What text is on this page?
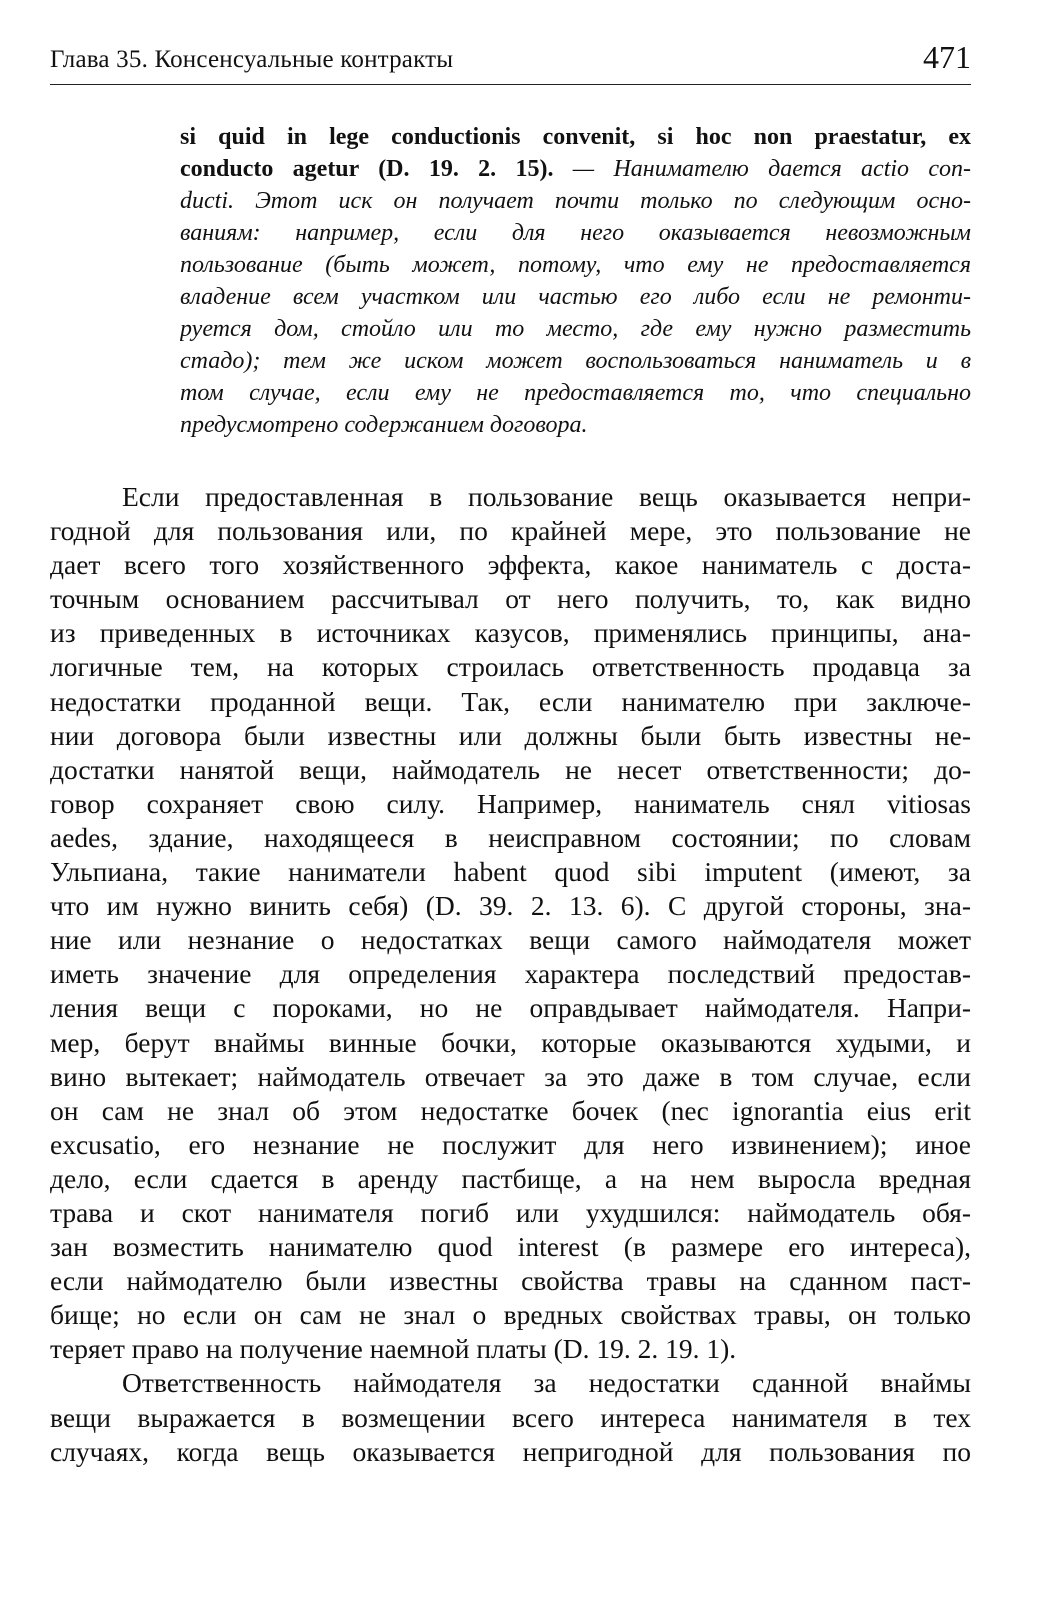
Глава 35. Консенсуальные контракты	471
si quid in lege conductionis convenit, si hoc non praestatur, ex
conducto agetur (D. 19. 2. 15). — Нанимателю дается actio con-
ducti. Этот иск он получает почти только по следующим осно-
ваниям: например, если для него оказывается невозможным
пользование (быть может, потому, что ему не предоставляется
владение всем участком или частью его либо если не ремонти-
руется дом, стойло или то место, где ему нужно разместить
стадо); тем же иском может воспользоваться наниматель и в
том случае, если ему не предоставляется то, что специально
предусмотрено содержанием договора.
Если предоставленная в пользование вещь оказывается непри-
годной для пользования или, по крайней мере, это пользование не
дает всего того хозяйственного эффекта, какое наниматель с доста-
точным основанием рассчитывал от него получить, то, как видно
из приведенных в источниках казусов, применялись принципы, ана-
логичные тем, на которых строилась ответственность продавца за
недостатки проданной вещи. Так, если нанимателю при заключе-
нии договора были известны или должны были быть известны не-
достатки нанятой вещи, наймодатель не несет ответственности; до-
говор сохраняет свою силу. Например, наниматель снял vitiosas
aedes, здание, находящееся в неисправном состоянии; по словам
Ульпиана, такие наниматели habent quod sibi imputent (имеют, за
что им нужно винить себя) (D. 39. 2. 13. 6). С другой стороны, зна-
ние или незнание о недостатках вещи самого наймодателя может
иметь значение для определения характера последствий предостав-
ления вещи с пороками, но не оправдывает наймодателя. Напри-
мер, берут внаймы винные бочки, которые оказываются худыми, и
вино вытекает; наймодатель отвечает за это даже в том случае, если
он сам не знал об этом недостатке бочек (nec ignorantia eius erit
excusatio, его незнание не послужит для него извинением); иное
дело, если сдается в аренду пастбище, а на нем выросла вредная
трава и скот нанимателя погиб или ухудшился: наймодатель обя-
зан возместить нанимателю quod interest (в размере его интереса),
если наймодателю были известны свойства травы на сданном паст-
бище; но если он сам не знал о вредных свойствах травы, он только
теряет право на получение наемной платы (D. 19. 2. 19. 1).
Ответственность наймодателя за недостатки сданной внаймы
вещи выражается в возмещении всего интереса нанимателя в тех
случаях, когда вещь оказывается непригодной для пользования по
